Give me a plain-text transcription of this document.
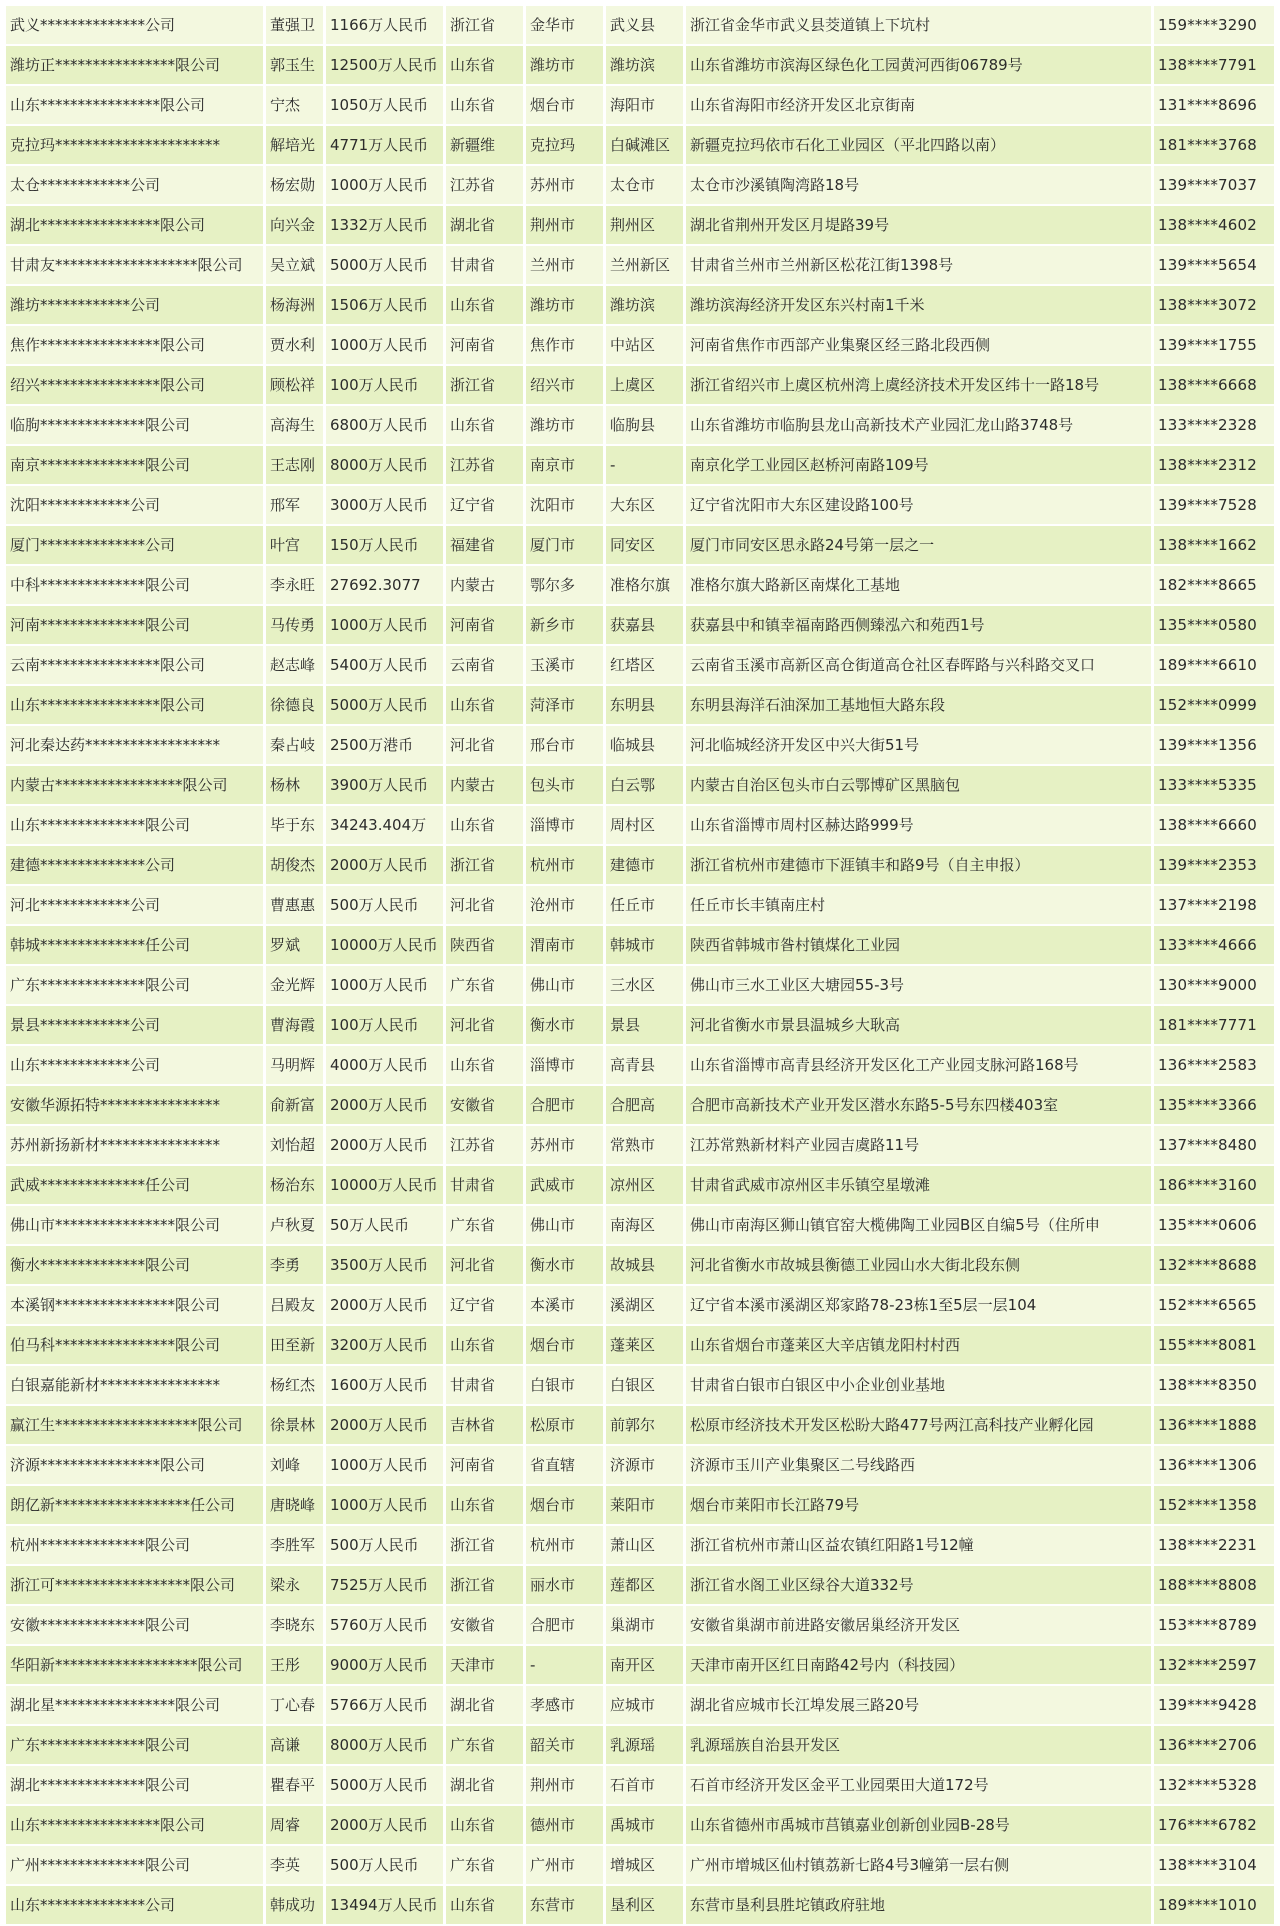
武义**************公司	董强卫	1166万人民币	浙江省	金华市	武义县	浙江省金华市武义县茭道镇上下坑村	159****3290
潍坊正****************限公司	郭玉生	12500万人民币	山东省	潍坊市	潍坊滨	山东省潍坊市滨海区绿色化工园黄河西街06789号	138****7791
山东****************限公司	宁杰	1050万人民币	山东省	烟台市	海阳市	山东省海阳市经济开发区北京街南	131****8696
克拉玛**********************	解培光	4771万人民币	新疆维	克拉玛	白碱滩区	新疆克拉玛依市石化工业园区（平北四路以南）	181****3768
太仓************公司	杨宏勋	1000万人民币	江苏省	苏州市	太仓市	太仓市沙溪镇陶湾路18号	139****7037
湖北****************限公司	向兴金	1332万人民币	湖北省	荆州市	荆州区	湖北省荆州开发区月堤路39号	138****4602
甘肃友*******************限公司	吴立斌	5000万人民币	甘肃省	兰州市	兰州新区	甘肃省兰州市兰州新区松花江街1398号	139****5654
潍坊************公司	杨海洲	1506万人民币	山东省	潍坊市	潍坊滨	潍坊滨海经济开发区东兴村南1千米	138****3072
焦作****************限公司	贾水利	1000万人民币	河南省	焦作市	中站区	河南省焦作市西部产业集聚区经三路北段西侧	139****1755
绍兴****************限公司	顾松祥	100万人民币	浙江省	绍兴市	上虞区	浙江省绍兴市上虞区杭州湾上虞经济技术开发区纬十一路18号	138****6668
临朐**************限公司	高海生	6800万人民币	山东省	潍坊市	临朐县	山东省潍坊市临朐县龙山高新技术产业园汇龙山路3748号	133****2328
南京**************限公司	王志刚	8000万人民币	江苏省	南京市	-	南京化学工业园区赵桥河南路109号	138****2312
沈阳************公司	邢军	3000万人民币	辽宁省	沈阳市	大东区	辽宁省沈阳市大东区建设路100号	139****7528
厦门**************公司	叶宫	150万人民币	福建省	厦门市	同安区	厦门市同安区思永路24号第一层之一	138****1662
中科**************限公司	李永旺	27692.3077	内蒙古	鄂尔多	准格尔旗	准格尔旗大路新区南煤化工基地	182****8665
河南**************限公司	马传勇	1000万人民币	河南省	新乡市	获嘉县	获嘉县中和镇幸福南路西侧臻泓六和苑西1号	135****0580
云南****************限公司	赵志峰	5400万人民币	云南省	玉溪市	红塔区	云南省玉溪市高新区高仓街道高仓社区春晖路与兴科路交叉口	189****6610
山东****************限公司	徐德良	5000万人民币	山东省	菏泽市	东明县	东明县海洋石油深加工基地恒大路东段	152****0999
河北秦达药******************	秦占岐	2500万港币	河北省	邢台市	临城县	河北临城经济开发区中兴大街51号	139****1356
内蒙古*****************限公司	杨林	3900万人民币	内蒙古	包头市	白云鄂	内蒙古自治区包头市白云鄂博矿区黑脑包	133****5335
山东**************限公司	毕于东	34243.404万	山东省	淄博市	周村区	山东省淄博市周村区赫达路999号	138****6660
建德**************公司	胡俊杰	2000万人民币	浙江省	杭州市	建德市	浙江省杭州市建德市下涯镇丰和路9号（自主申报）	139****2353
河北************公司	曹惠惠	500万人民币	河北省	沧州市	任丘市	任丘市长丰镇南庄村	137****2198
韩城**************任公司	罗斌	10000万人民币	陕西省	渭南市	韩城市	陕西省韩城市昝村镇煤化工业园	133****4666
广东**************限公司	金光辉	1000万人民币	广东省	佛山市	三水区	佛山市三水工业区大塘园55-3号	130****9000
景县************公司	曹海霞	100万人民币	河北省	衡水市	景县	河北省衡水市景县温城乡大耿高	181****7771
山东************公司	马明辉	4000万人民币	山东省	淄博市	高青县	山东省淄博市高青县经济开发区化工产业园支脉河路168号	136****2583
安徽华源拓特****************	俞新富	2000万人民币	安徽省	合肥市	合肥高	合肥市高新技术产业开发区潜水东路5-5号东四楼403室	135****3366
苏州新扬新材****************	刘怡超	2000万人民币	江苏省	苏州市	常熟市	江苏常熟新材料产业园吉虞路11号	137****8480
武威**************任公司	杨治东	10000万人民币	甘肃省	武威市	凉州区	甘肃省武威市凉州区丰乐镇空星墩滩	186****3160
佛山市****************限公司	卢秋夏	50万人民币	广东省	佛山市	南海区	佛山市南海区狮山镇官窑大榄佛陶工业园B区自编5号（住所申	135****0606
衡水**************限公司	李勇	3500万人民币	河北省	衡水市	故城县	河北省衡水市故城县衡德工业园山水大街北段东侧	132****8688
本溪钢****************限公司	吕殿友	2000万人民币	辽宁省	本溪市	溪湖区	辽宁省本溪市溪湖区郑家路78-23栋1至5层一层104	152****6565
伯马科****************限公司	田至新	3200万人民币	山东省	烟台市	蓬莱区	山东省烟台市蓬莱区大辛店镇龙阳村村西	155****8081
白银嘉能新材****************	杨红杰	1600万人民币	甘肃省	白银市	白银区	甘肃省白银市白银区中小企业创业基地	138****8350
赢江生*******************限公司	徐景林	2000万人民币	吉林省	松原市	前郭尔	松原市经济技术开发区松盼大路477号两江高科技产业孵化园	136****1888
济源****************限公司	刘峰	1000万人民币	河南省	省直辖	济源市	济源市玉川产业集聚区二号线路西	136****1306
朗亿新******************任公司	唐晓峰	1000万人民币	山东省	烟台市	莱阳市	烟台市莱阳市长江路79号	152****1358
杭州**************限公司	李胜军	500万人民币	浙江省	杭州市	萧山区	浙江省杭州市萧山区益农镇红阳路1号12幢	138****2231
浙江可******************限公司	梁永	7525万人民币	浙江省	丽水市	莲都区	浙江省水阁工业区绿谷大道332号	188****8808
安徽**************限公司	李晓东	5760万人民币	安徽省	合肥市	巢湖市	安徽省巢湖市前进路安徽居巢经济开发区	153****8789
华阳新*******************限公司	王彤	9000万人民币	天津市	-	南开区	天津市南开区红日南路42号内（科技园）	132****2597
湖北星****************限公司	丁心春	5766万人民币	湖北省	孝感市	应城市	湖北省应城市长江埠发展三路20号	139****9428
广东**************限公司	高谦	8000万人民币	广东省	韶关市	乳源瑶	乳源瑶族自治县开发区	136****2706
湖北**************限公司	瞿春平	5000万人民币	湖北省	荆州市	石首市	石首市经济开发区金平工业园栗田大道172号	132****5328
山东****************限公司	周睿	2000万人民币	山东省	德州市	禹城市	山东省德州市禹城市莒镇嘉业创新创业园B-28号	176****6782
广州**************限公司	李英	500万人民币	广东省	广州市	增城区	广州市增城区仙村镇荔新七路4号3幢第一层右侧	138****3104
山东**************公司	韩成功	13494万人民币	山东省	东营市	垦利区	东营市垦利县胜坨镇政府驻地	189****1010
